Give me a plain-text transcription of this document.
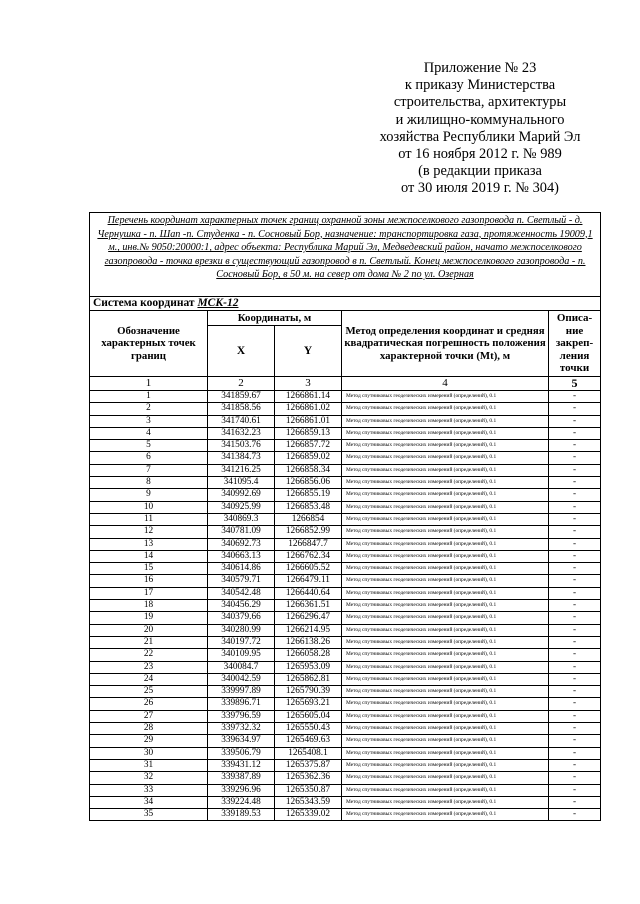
Приложение № 23
к приказу Министерства
строительства, архитектуры
и жилищно-коммунального
хозяйства Республики Марий Эл
от 16 ноября 2012 г. № 989
(в редакции приказа
от 30 июля 2019 г. № 304)
Перечень координат характерных точек границ охранной зоны межпоселкового газопровода п. Светлый - д. Чернушка - п. Шап -п. Студенка - п. Сосновый Бор, назначение: транспортировка газа, протяженность 19009,1 м., инв.№ 9050:20000:1, адрес объекта: Республика Марий Эл, Медведевский район, начато межпоселкового газопровода - точка врезки в существующий газопровод в п. Светлый. Конец межпоселкового газопровода - п. Сосновый Бор, в 50 м. на север от дома № 2 по ул. Озерная				
Система координат МСК-12				
Обозначение характерных точек границ	Координаты, м		Метод определения координат и средняя квадратическая погрешность положения характерной точки (Mt), м	Описа-ние закреп-ления точки
	X	Y		
1	2	3	4	5
1	341859.67	1266861.14	Метод спутниковых геодезических измерений (определений), 0.1	-
2	341858.56	1266861.02	Метод спутниковых геодезических измерений (определений), 0.1	-
3	341740.61	1266861.01	Метод спутниковых геодезических измерений (определений), 0.1	-
4	341632.23	1266859.13	Метод спутниковых геодезических измерений (определений), 0.1	-
5	341503.76	1266857.72	Метод спутниковых геодезических измерений (определений), 0.1	-
6	341384.73	1266859.02	Метод спутниковых геодезических измерений (определений), 0.1	-
7	341216.25	1266858.34	Метод спутниковых геодезических измерений (определений), 0.1	-
8	341095.4	1266856.06	Метод спутниковых геодезических измерений (определений), 0.1	-
9	340992.69	1266855.19	Метод спутниковых геодезических измерений (определений), 0.1	-
10	340925.99	1266853.48	Метод спутниковых геодезических измерений (определений), 0.1	-
11	340869.3	1266854	Метод спутниковых геодезических измерений (определений), 0.1	-
12	340781.09	1266852.99	Метод спутниковых геодезических измерений (определений), 0.1	-
13	340692.73	1266847.7	Метод спутниковых геодезических измерений (определений), 0.1	-
14	340663.13	1266762.34	Метод спутниковых геодезических измерений (определений), 0.1	-
15	340614.86	1266605.52	Метод спутниковых геодезических измерений (определений), 0.1	-
16	340579.71	1266479.11	Метод спутниковых геодезических измерений (определений), 0.1	-
17	340542.48	1266440.64	Метод спутниковых геодезических измерений (определений), 0.1	-
18	340456.29	1266361.51	Метод спутниковых геодезических измерений (определений), 0.1	-
19	340379.66	1266296.47	Метод спутниковых геодезических измерений (определений), 0.1	-
20	340280.99	1266214.95	Метод спутниковых геодезических измерений (определений), 0.1	-
21	340197.72	1266138.26	Метод спутниковых геодезических измерений (определений), 0.1	-
22	340109.95	1266058.28	Метод спутниковых геодезических измерений (определений), 0.1	-
23	340084.7	1265953.09	Метод спутниковых геодезических измерений (определений), 0.1	-
24	340042.59	1265862.81	Метод спутниковых геодезических измерений (определений), 0.1	-
25	339997.89	1265790.39	Метод спутниковых геодезических измерений (определений), 0.1	-
26	339896.71	1265693.21	Метод спутниковых геодезических измерений (определений), 0.1	-
27	339796.59	1265605.04	Метод спутниковых геодезических измерений (определений), 0.1	-
28	339732.32	1265550.43	Метод спутниковых геодезических измерений (определений), 0.1	-
29	339634.97	1265469.63	Метод спутниковых геодезических измерений (определений), 0.1	-
30	339506.79	1265408.1	Метод спутниковых геодезических измерений (определений), 0.1	-
31	339431.12	1265375.87	Метод спутниковых геодезических измерений (определений), 0.1	-
32	339387.89	1265362.36	Метод спутниковых геодезических измерений (определений), 0.1	-
33	339296.96	1265350.87	Метод спутниковых геодезических измерений (определений), 0.1	-
34	339224.48	1265343.59	Метод спутниковых геодезических измерений (определений), 0.1	-
35	339189.53	1265339.02	Метод спутниковых геодезических измерений (определений), 0.1	-
